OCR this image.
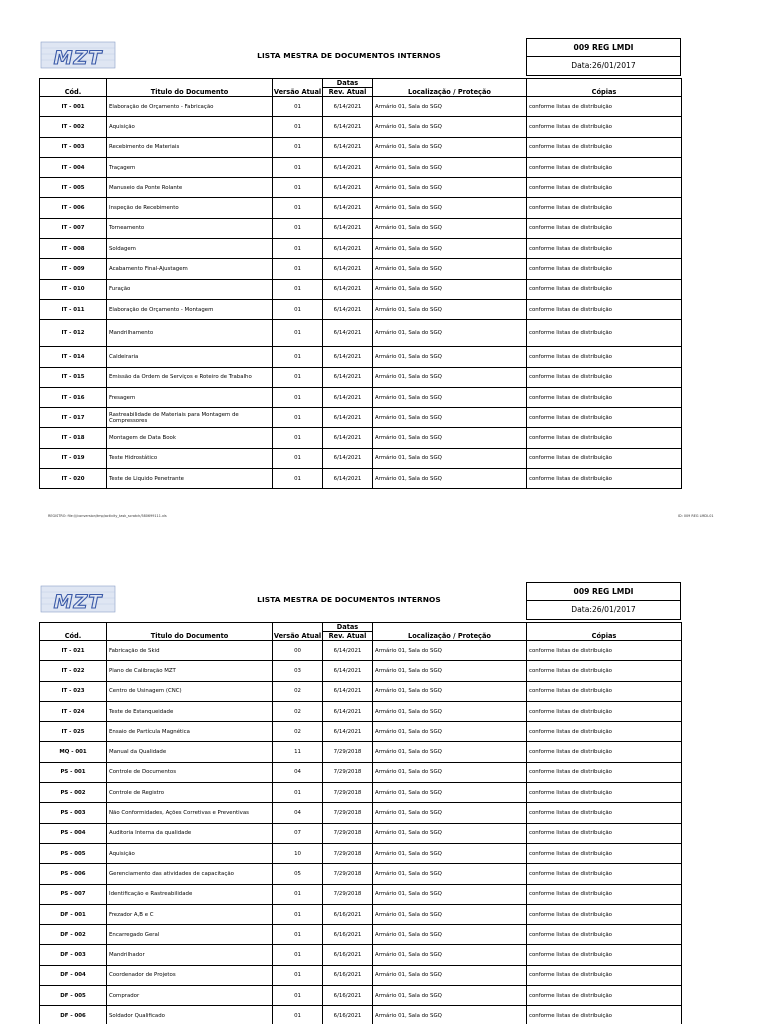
MZT	LISTA MESTRA DE DOCUMENTOS INTERNOS
009 REG LMDI
Data:26/01/2017
			Datas		
Cód.	Titulo do Documento	Versão Atual	Rev. Atual	Localização / Proteção	Cópias
IT - 001	Elaboração de Orçamento - Fabricação	01	6/14/2021	Armário 01, Sala do SGQ	conforme listas de distribuição
IT - 002	Aquisição	01	6/14/2021	Armário 01, Sala do SGQ	conforme listas de distribuição
IT - 003	Recebimento de Materiais	01	6/14/2021	Armário 01, Sala do SGQ	conforme listas de distribuição
IT - 004	Traçagem	01	6/14/2021	Armário 01, Sala do SGQ	conforme listas de distribuição
IT - 005	Manuseio da Ponte Rolante	01	6/14/2021	Armário 01, Sala do SGQ	conforme listas de distribuição
IT - 006	Inspeção de Recebimento	01	6/14/2021	Armário 01, Sala do SGQ	conforme listas de distribuição
IT - 007	Torneamento	01	6/14/2021	Armário 01, Sala do SGQ	conforme listas de distribuição
IT - 008	Soldagem	01	6/14/2021	Armário 01, Sala do SGQ	conforme listas de distribuição
IT - 009	Acabamento Final-Ajustagem	01	6/14/2021	Armário 01, Sala do SGQ	conforme listas de distribuição
IT - 010	Furação	01	6/14/2021	Armário 01, Sala do SGQ	conforme listas de distribuição
IT - 011	Elaboração de Orçamento - Montagem	01	6/14/2021	Armário 01, Sala do SGQ	conforme listas de distribuição
IT - 012	Mandrilhamento	01	6/14/2021	Armário 01, Sala do SGQ	conforme listas de distribuição
IT - 014	Caldeiraria	01	6/14/2021	Armário 01, Sala do SGQ	conforme listas de distribuição
IT - 015	Emissão da Ordem de Serviços e Roteiro de Trabalho	01	6/14/2021	Armário 01, Sala do SGQ	conforme listas de distribuição
IT - 016	Fresagem	01	6/14/2021	Armário 01, Sala do SGQ	conforme listas de distribuição
IT - 017	Rastreabilidade de Materiais para Montagem de Compressores	01	6/14/2021	Armário 01, Sala do SGQ	conforme listas de distribuição
IT - 018	Montagem de Data Book	01	6/14/2021	Armário 01, Sala do SGQ	conforme listas de distribuição
IT - 019	Teste Hidrostático	01	6/14/2021	Armário 01, Sala do SGQ	conforme listas de distribuição
IT - 020	Teste de Liquido Penetrante	01	6/14/2021	Armário 01, Sala do SGQ	conforme listas de distribuição
REGISTRO: file:///conversion/tmp/activity_task_scratch/580699111.xls	ID: 009 REG LMDI-01
MZT	LISTA MESTRA DE DOCUMENTOS INTERNOS
009 REG LMDI
Data:26/01/2017
			Datas		
Cód.	Titulo do Documento	Versão Atual	Rev. Atual	Localização / Proteção	Cópias
IT - 021	Fabricação de Skid	00	6/14/2021	Armário 01, Sala do SGQ	conforme listas de distribuição
IT - 022	Plano de Calibração MZT	03	6/14/2021	Armário 01, Sala do SGQ	conforme listas de distribuição
IT - 023	Centro de Usinagem (CNC)	02	6/14/2021	Armário 01, Sala do SGQ	conforme listas de distribuição
IT - 024	Teste de Estanqueidade	02	6/14/2021	Armário 01, Sala do SGQ	conforme listas de distribuição
IT - 025	Ensaio de Partícula Magnética	02	6/14/2021	Armário 01, Sala do SGQ	conforme listas de distribuição
MQ - 001	Manual da Qualidade	11	7/29/2018	Armário 01, Sala do SGQ	conforme listas de distribuição
PS - 001	Controle de Documentos	04	7/29/2018	Armário 01, Sala do SGQ	conforme listas de distribuição
PS - 002	Controle de Registro	01	7/29/2018	Armário 01, Sala do SGQ	conforme listas de distribuição
PS - 003	Não Conformidades, Ações Corretivas e Preventivas	04	7/29/2018	Armário 01, Sala do SGQ	conforme listas de distribuição
PS - 004	Auditoria Interna da qualidade	07	7/29/2018	Armário 01, Sala do SGQ	conforme listas de distribuição
PS - 005	Aquisição	10	7/29/2018	Armário 01, Sala do SGQ	conforme listas de distribuição
PS - 006	Gerenciamento das atividades de capacitação	05	7/29/2018	Armário 01, Sala do SGQ	conforme listas de distribuição
PS - 007	Identificação e Rastreabilidade	01	7/29/2018	Armário 01, Sala do SGQ	conforme listas de distribuição
DF - 001	Frezador A,B e C	01	6/16/2021	Armário 01, Sala do SGQ	conforme listas de distribuição
DF - 002	Encarregado Geral	01	6/16/2021	Armário 01, Sala do SGQ	conforme listas de distribuição
DF - 003	Mandrilhador	01	6/16/2021	Armário 01, Sala do SGQ	conforme listas de distribuição
DF - 004	Coordenador de Projetos	01	6/16/2021	Armário 01, Sala do SGQ	conforme listas de distribuição
DF - 005	Comprador	01	6/16/2021	Armário 01, Sala do SGQ	conforme listas de distribuição
DF - 006	Soldador Qualificado	01	6/16/2021	Armário 01, Sala do SGQ	conforme listas de distribuição
